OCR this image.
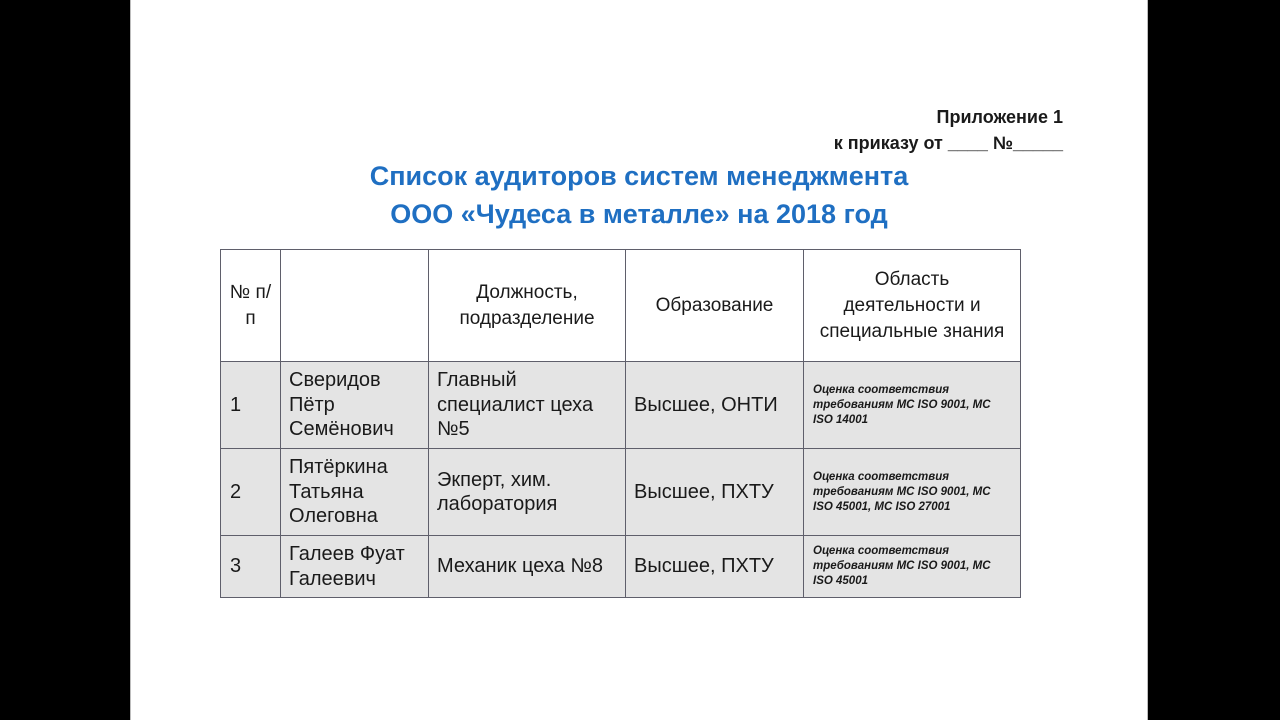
Приложение 1
к приказу от ____ №_____
Список аудиторов систем менеджмента
ООО «Чудеса в металле» на 2018 год
№ п/п		Должность, подразделение	Образование	Область деятельности и специальные знания
1	Сверидов Пётр Семёнович	Главный специалист цеха №5	Высшее, ОНТИ	Оценка соответствия требованиям МС ISO 9001, МС ISO 14001
2	Пятёркина Татьяна Олеговна	Экперт, хим. лаборатория	Высшее, ПХТУ	Оценка соответствия требованиям МС ISO 9001, МС ISO 45001, МС ISO 27001
3	Галеев Фуат Галеевич	Механик цеха №8	Высшее, ПХТУ	Оценка соответствия требованиям МС ISO 9001, МС ISO 45001
